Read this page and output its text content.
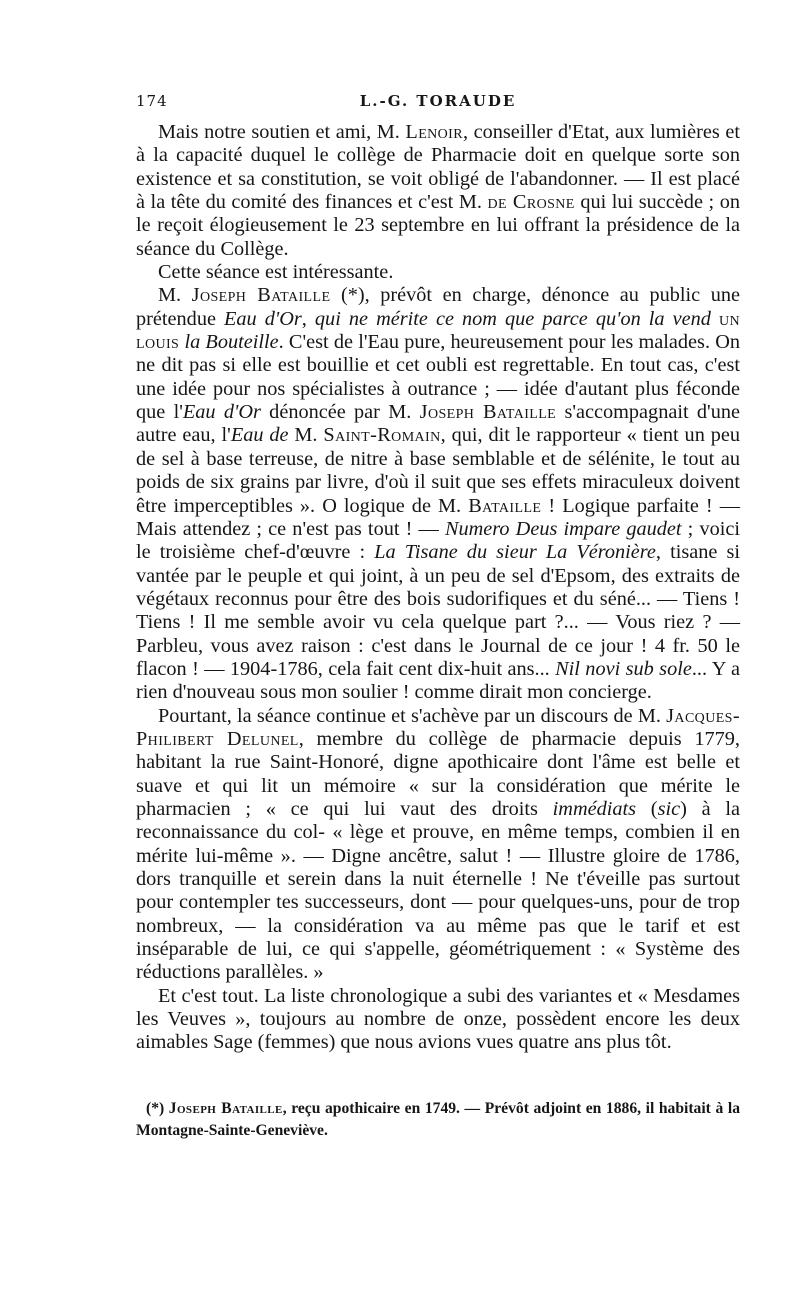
174	L.-G. TORAUDE

Mais notre soutien et ami, M. Lenoir, conseiller d'Etat, aux lumières et à la capacité duquel le collège de Pharmacie doit en quelque sorte son existence et sa constitution, se voit obligé de l'abandonner. — Il est placé à la tête du comité des finances et c'est M. de Crosne qui lui succède ; on le reçoit élogieusement le 23 septembre en lui offrant la présidence de la séance du Collège.

Cette séance est intéressante.

M. Joseph Bataille (*), prévôt en charge, dénonce au public une prétendue Eau d'Or, qui ne mérite ce nom que parce qu'on la vend un louis la Bouteille. C'est de l'Eau pure, heureusement pour les malades. On ne dit pas si elle est bouillie et cet oubli est regrettable. En tout cas, c'est une idée pour nos spécialistes à outrance ; — idée d'autant plus féconde que l'Eau d'Or dénoncée par M. Joseph Bataille s'accompagnait d'une autre eau, l'Eau de M. Saint-Romain, qui, dit le rapporteur « tient un peu de sel à base terreuse, de nitre à base semblable et de sélénite, le tout au poids de six grains par livre, d'où il suit que ses effets miraculeux doivent être imperceptibles ». O logique de M. Bataille ! Logique parfaite ! — Mais attendez ; ce n'est pas tout ! — Numero Deus impare gaudet ; voici le troisième chef-d'œuvre : La Tisane du sieur La Véronière, tisane si vantée par le peuple et qui joint, à un peu de sel d'Epsom, des extraits de végétaux reconnus pour être des bois sudorifiques et du séné... — Tiens ! Tiens ! Il me semble avoir vu cela quelque part ?... — Vous riez ? — Parbleu, vous avez raison : c'est dans le Journal de ce jour ! 4 fr. 50 le flacon ! — 1904-1786, cela fait cent dix-huit ans... Nil novi sub sole... Y a rien d'nouveau sous mon soulier ! comme dirait mon concierge.

Pourtant, la séance continue et s'achève par un discours de M. Jacques-Philibert Delunel, membre du collège de pharmacie depuis 1779, habitant la rue Saint-Honoré, digne apothicaire dont l'âme est belle et suave et qui lit un mémoire « sur la considération que mérite le pharmacien ; « ce qui lui vaut des droits immédiats (sic) à la reconnaissance du col- « lège et prouve, en même temps, combien il en mérite lui-même ». — Digne ancêtre, salut ! — Illustre gloire de 1786, dors tranquille et serein dans la nuit éternelle ! Ne t'éveille pas surtout pour contempler tes successeurs, dont — pour quelques-uns, pour de trop nombreux, — la considération va au même pas que le tarif et est inséparable de lui, ce qui s'appelle, géométriquement : « Système des réductions parallèles. »

Et c'est tout. La liste chronologique a subi des variantes et « Mesdames les Veuves », toujours au nombre de onze, possèdent encore les deux aimables Sage (femmes) que nous avions vues quatre ans plus tôt.

(*) Joseph Bataille, reçu apothicaire en 1749. — Prévôt adjoint en 1886, il habitait à la Montagne-Sainte-Geneviève.
